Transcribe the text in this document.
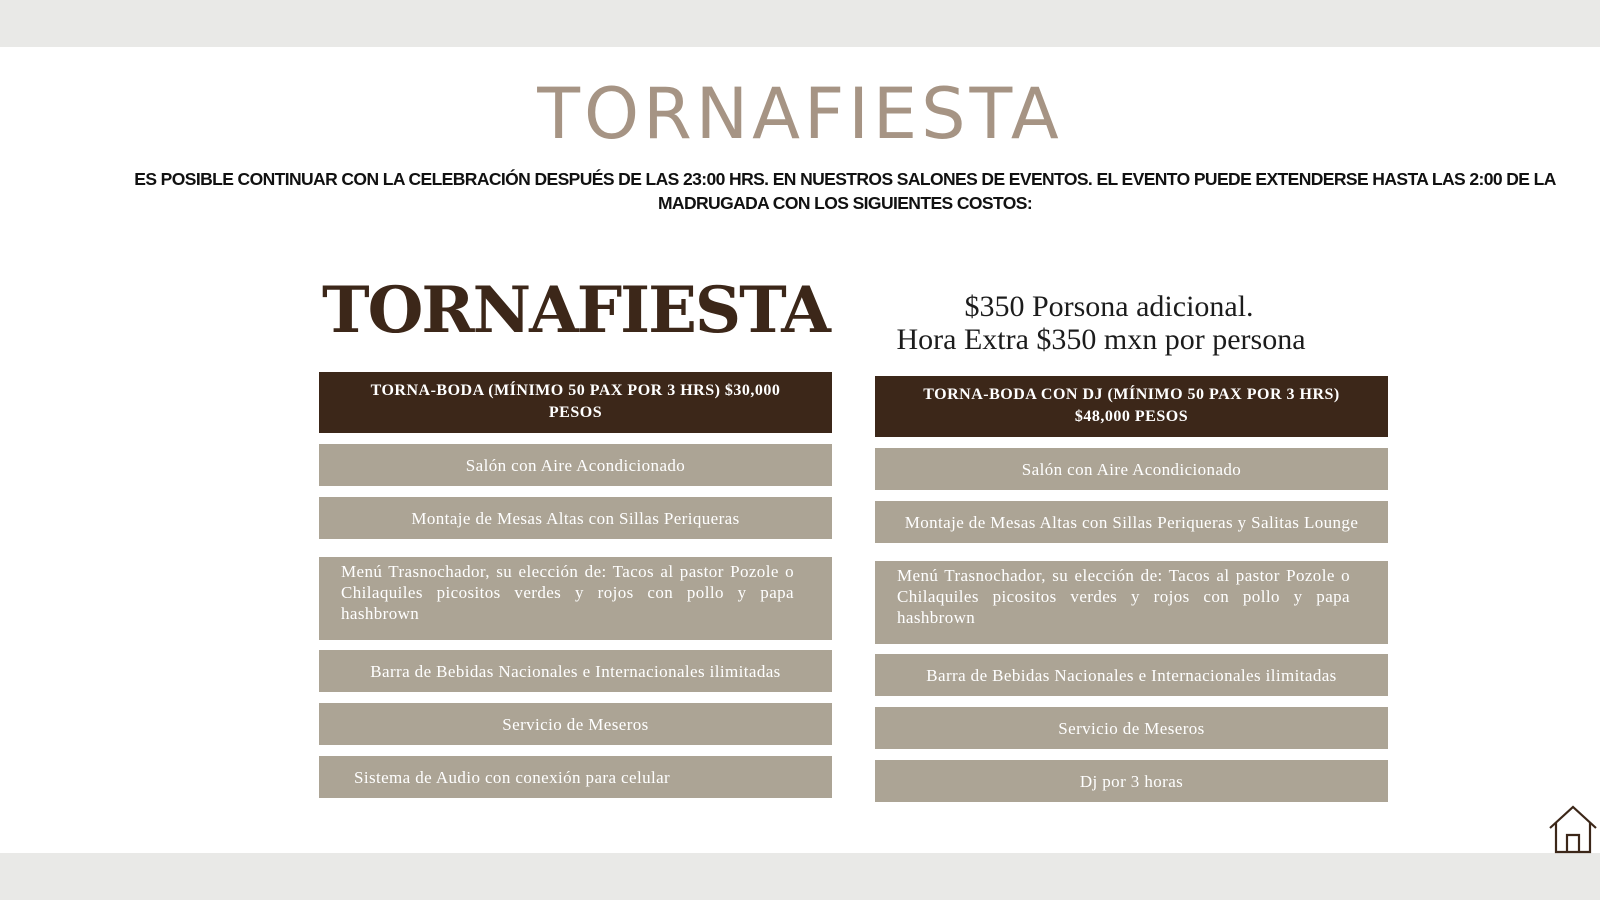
TORNAFIESTA
ES POSIBLE CONTINUAR CON LA CELEBRACIÓN DESPUÉS DE LAS 23:00 HRS. EN NUESTROS SALONES DE EVENTOS. EL EVENTO PUEDE EXTENDERSE HASTA LAS 2:00 DE LA MADRUGADA CON LOS SIGUIENTES COSTOS:
TORNAFIESTA	$350 Porsona adicional.
Hora Extra $350 mxn por persona
TORNA-BODA (MÍNIMO 50 PAX POR 3 HRS) $30,000 PESOS
Salón con Aire Acondicionado
Montaje de Mesas Altas con Sillas Periqueras
Menú Trasnochador, su elección de: Tacos al pastor Pozole o Chilaquiles picositos verdes y rojos con pollo y papa hashbrown
Barra de Bebidas Nacionales e Internacionales ilimitadas
Servicio de Meseros
Sistema de Audio con conexión para celular
TORNA-BODA CON DJ (MÍNIMO 50 PAX POR 3 HRS) $48,000 PESOS
Salón con Aire Acondicionado
Montaje de Mesas Altas con Sillas Periqueras y Salitas Lounge
Menú Trasnochador, su elección de: Tacos al pastor Pozole o Chilaquiles picositos verdes y rojos con pollo y papa hashbrown
Barra de Bebidas Nacionales e Internacionales ilimitadas
Servicio de Meseros
Dj por 3 horas
